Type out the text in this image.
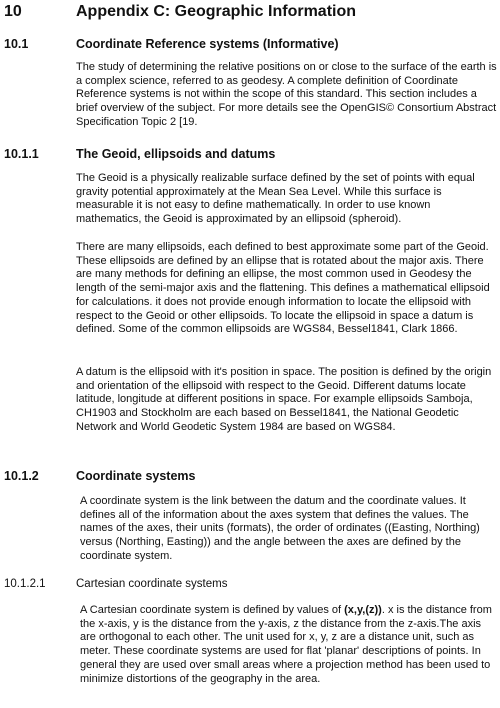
10	Appendix C: Geographic Information
10.1	Coordinate Reference systems (Informative)

The study of determining the relative positions on or close to the surface of the earth is a complex science, referred to as geodesy. A complete definition of Coordinate Reference systems is not within the scope of this standard. This section includes a brief overview of the subject. For more details see the OpenGIS© Consortium Abstract Specification Topic 2 [19.

10.1.1	The Geoid, ellipsoids and datums

The Geoid is a physically realizable surface defined by the set of points with equal gravity potential approximately at the Mean Sea Level. While this surface is measurable it is not easy to define mathematically. In order to use known mathematics, the Geoid is approximated by an ellipsoid (spheroid).

There are many ellipsoids, each defined to best approximate some part of the Geoid. These ellipsoids are defined by an ellipse that is rotated about the major axis. There are many methods for defining an ellipse, the most common used in Geodesy the length of the semi-major axis and the flattening. This defines a mathematical ellipsoid for calculations. it does not provide enough information to locate the ellipsoid with respect to the Geoid or other ellipsoids. To locate the ellipsoid in space a datum is defined. Some of the common ellipsoids are WGS84, Bessel1841, Clark 1866.

A datum is the ellipsoid with it's position in space. The position is defined by the origin and orientation of the ellipsoid with respect to the Geoid. Different datums locate latitude, longitude at different positions in space. For example ellipsoids Samboja, CH1903 and Stockholm are each based on Bessel1841, the National Geodetic Network and World Geodetic System 1984 are based on WGS84.

10.1.2	Coordinate systems

A coordinate system is the link between the datum and the coordinate values. It defines all of the information about the axes system that defines the values. The names of the axes, their units (formats), the order of ordinates ((Easting, Northing) versus (Northing, Easting)) and the angle between the axes are defined by the coordinate system.

10.1.2.1	Cartesian coordinate systems

A Cartesian coordinate system is defined by values of (x,y,(z)). x is the distance from the x-axis, y is the distance from the y-axis, z the distance from the z-axis.The axis are orthogonal to each other. The unit used for x, y, z are a distance unit, such as meter. These coordinate systems are used for flat 'planar' descriptions of points. In general they are used over small areas where a projection method has been used to minimize distortions of the geography in the area.
